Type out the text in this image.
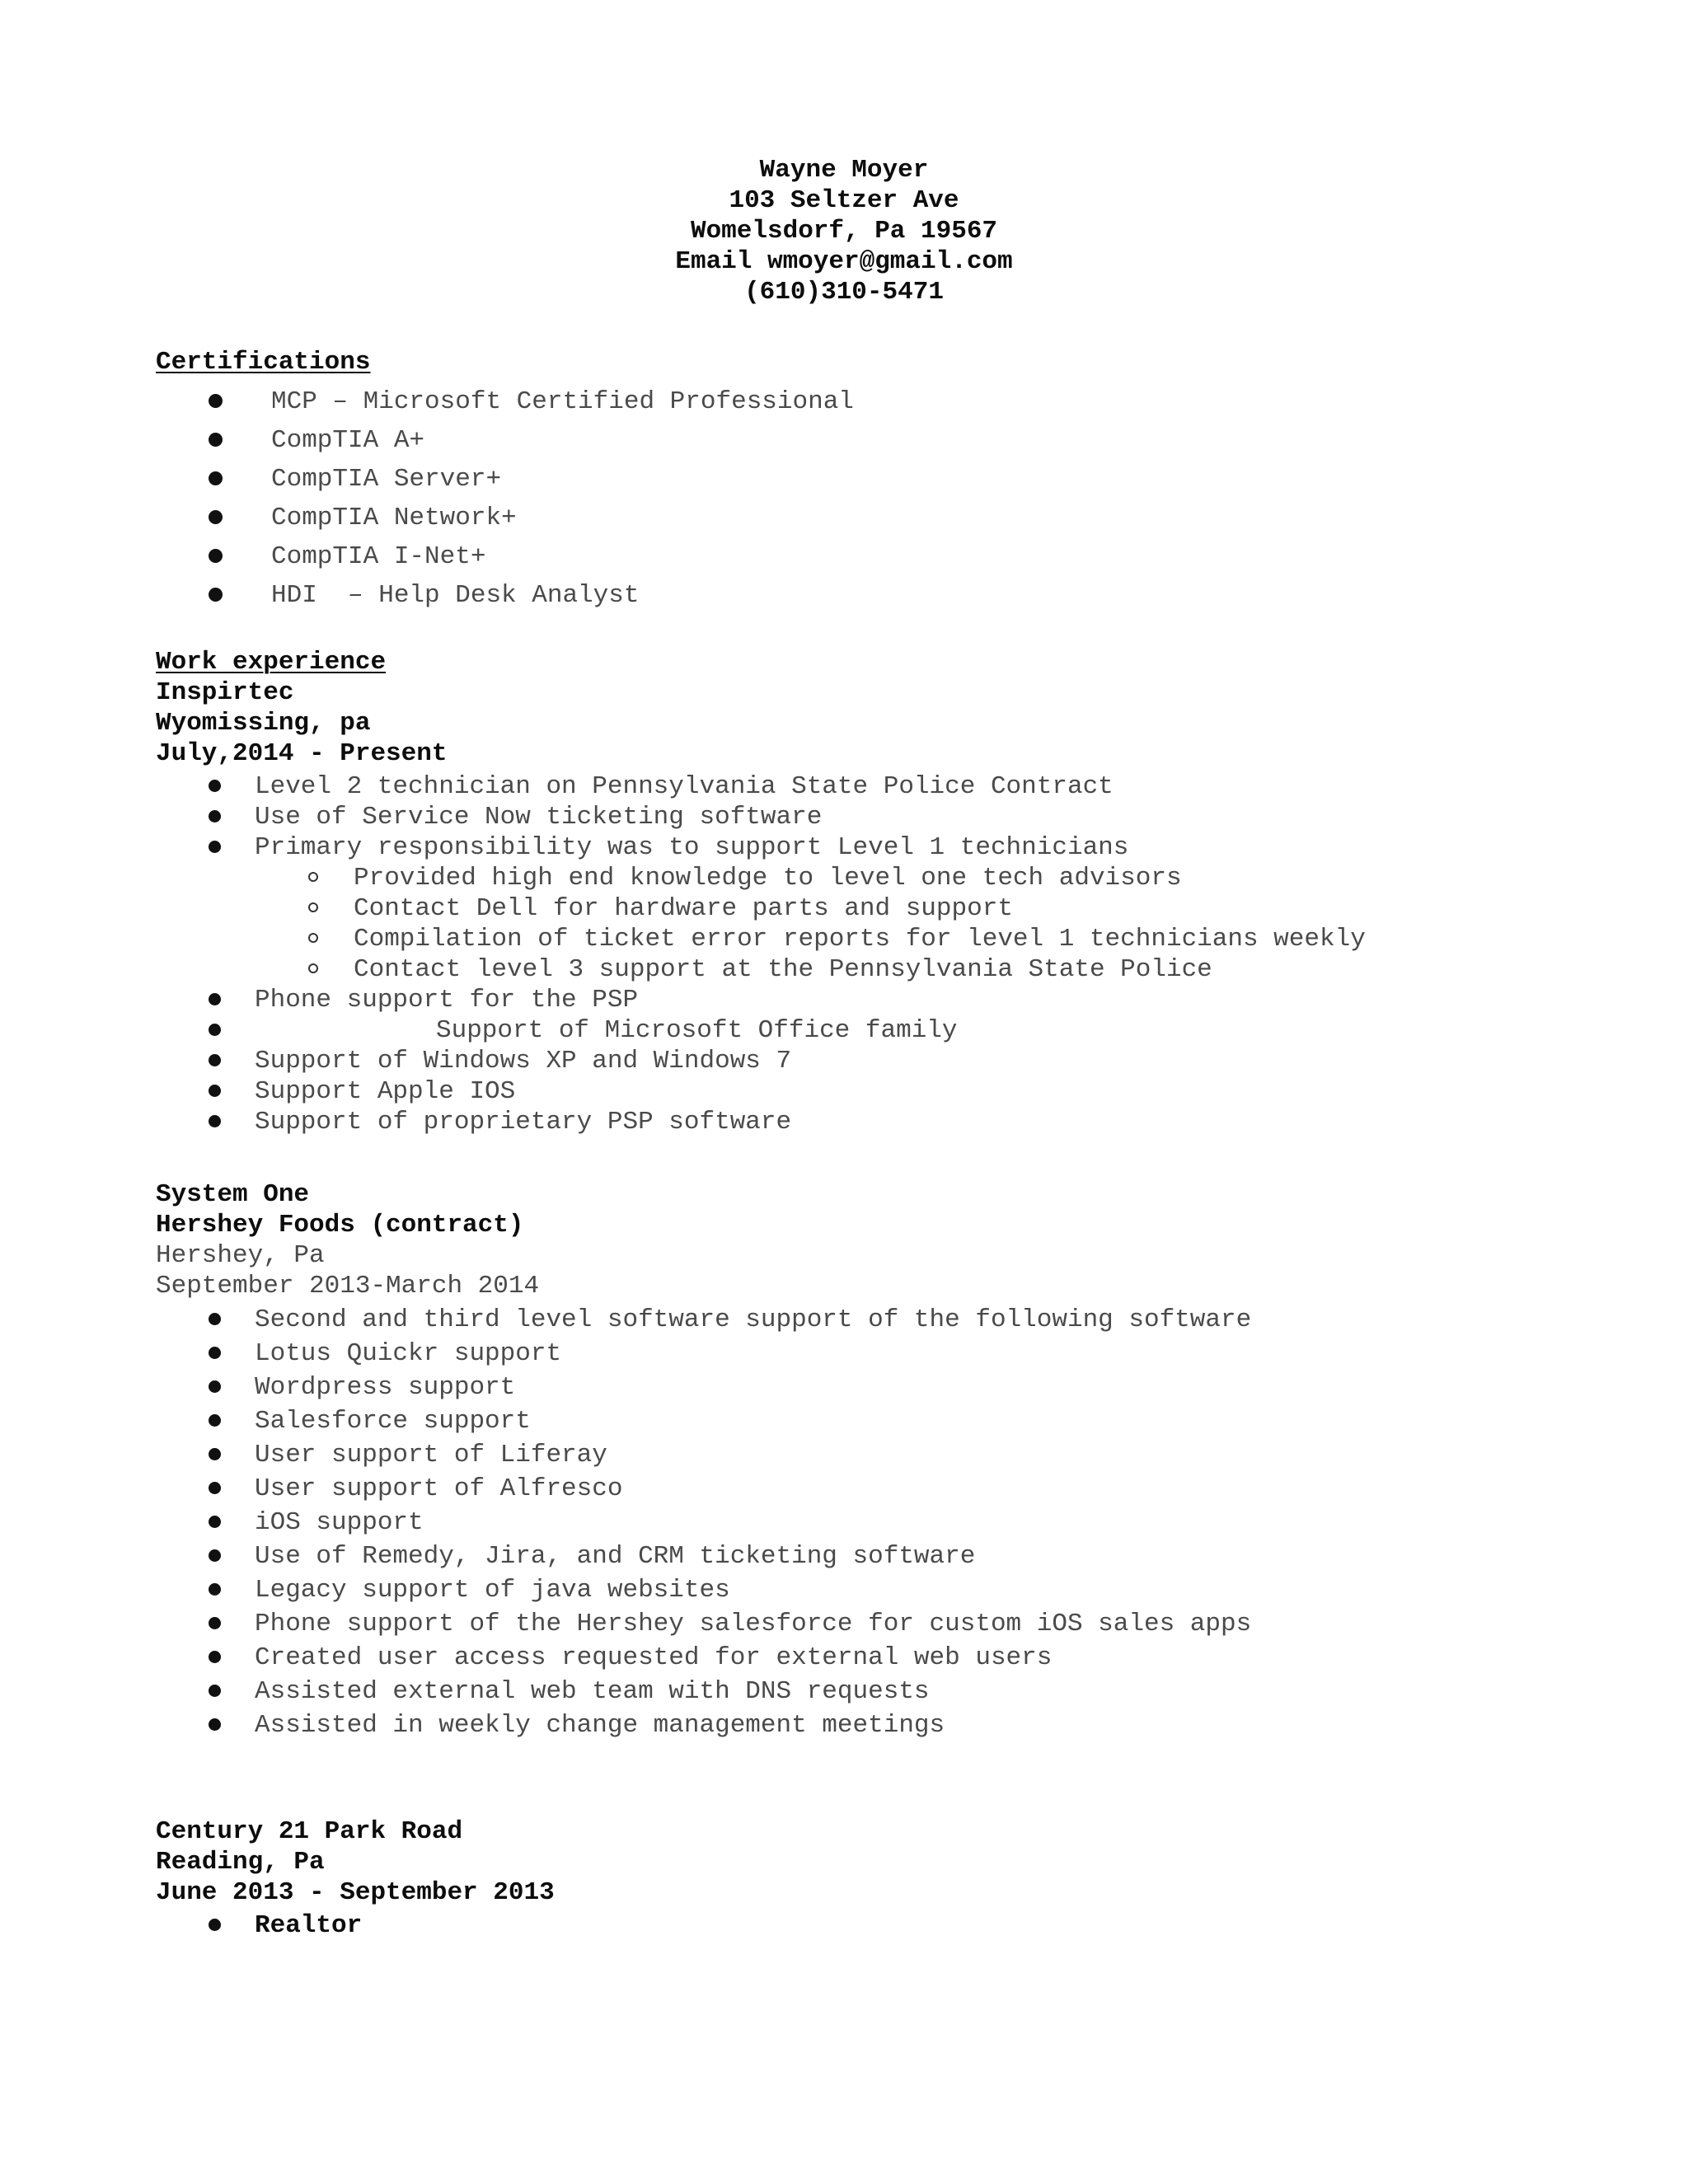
Wayne Moyer
103 Seltzer Ave
Womelsdorf, Pa 19567
Email wmoyer@gmail.com
(610)310-5471
Certifications
MCP – Microsoft Certified Professional
CompTIA A+
CompTIA Server+
CompTIA Network+
CompTIA I-Net+
HDI  – Help Desk Analyst
Work experience
Inspirtec
Wyomissing, pa
July,2014 - Present
Level 2 technician on Pennsylvania State Police Contract
Use of Service Now ticketing software
Primary responsibility was to support Level 1 technicians
Provided high end knowledge to level one tech advisors
Contact Dell for hardware parts and support
Compilation of ticket error reports for level 1 technicians weekly
Contact level 3 support at the Pennsylvania State Police
Phone support for the PSP
Support of Microsoft Office family
Support of Windows XP and Windows 7
Support Apple IOS
Support of proprietary PSP software
System One
Hershey Foods (contract)
Hershey, Pa
September 2013-March 2014
Second and third level software support of the following software
Lotus Quickr support
Wordpress support
Salesforce support
User support of Liferay
User support of Alfresco
iOS support
Use of Remedy, Jira, and CRM ticketing software
Legacy support of java websites
Phone support of the Hershey salesforce for custom iOS sales apps
Created user access requested for external web users
Assisted external web team with DNS requests
Assisted in weekly change management meetings
Century 21 Park Road
Reading, Pa
June 2013 - September 2013
Realtor
